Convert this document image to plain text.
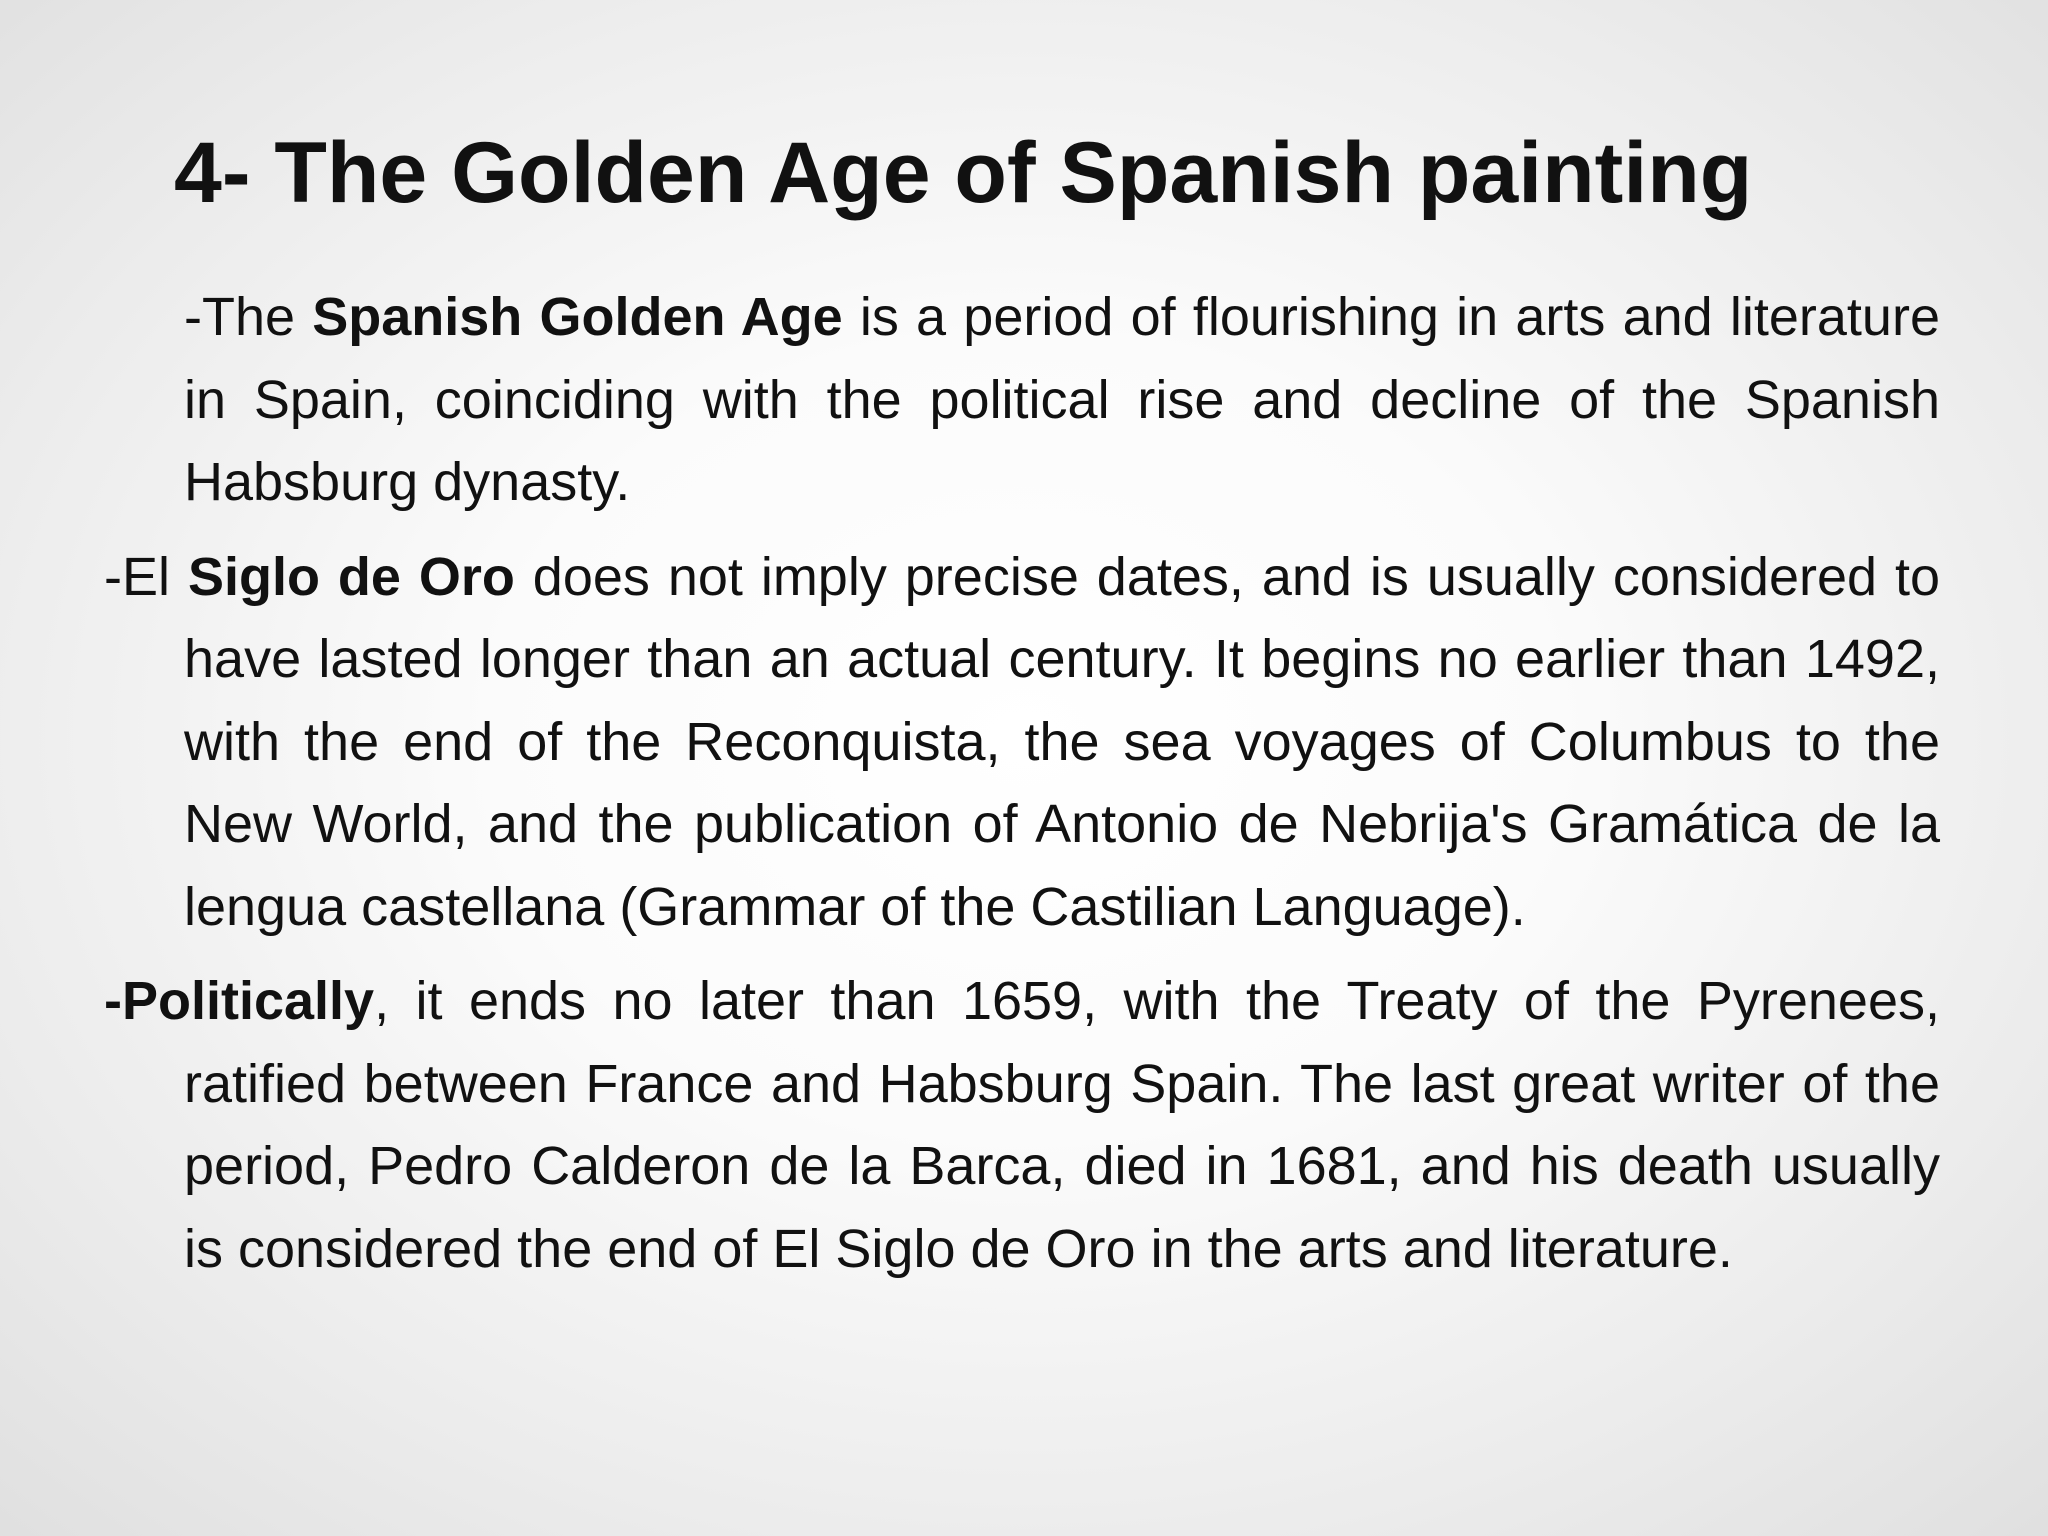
4- The Golden Age of Spanish painting

-The Spanish Golden Age is a period of flourishing in arts and literature in Spain, coinciding with the political rise and decline of the Spanish Habsburg dynasty.

-El Siglo de Oro does not imply precise dates, and is usually considered to have lasted longer than an actual century. It begins no earlier than 1492, with the end of the Reconquista, the sea voyages of Columbus to the New World, and the publication of Antonio de Nebrija's Gramática de la lengua castellana (Grammar of the Castilian Language).

-Politically, it ends no later than 1659, with the Treaty of the Pyrenees, ratified between France and Habsburg Spain. The last great writer of the period, Pedro Calderon de la Barca, died in 1681, and his death usually is considered the end of El Siglo de Oro in the arts and literature.
